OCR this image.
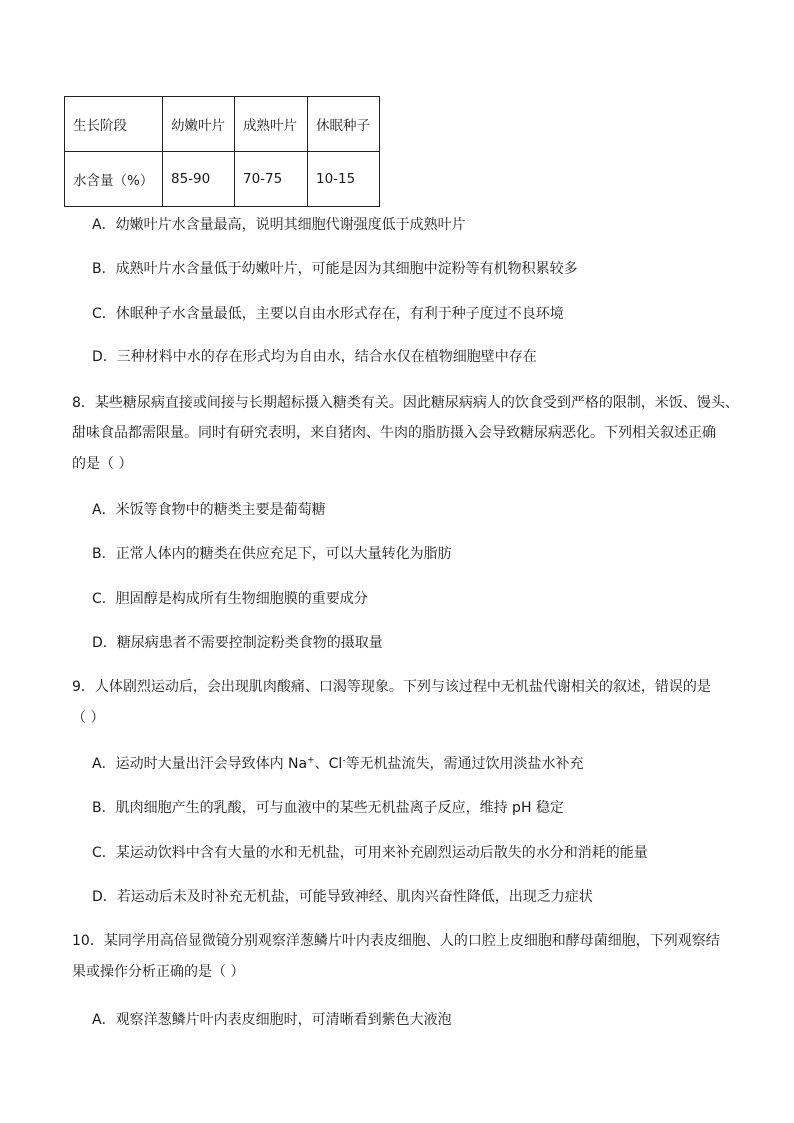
生长阶段	幼嫩叶片	成熟叶片	休眠种子
水含量（%）	85-90	70-75	10-15
A．幼嫩叶片水含量最高，说明其细胞代谢强度低于成熟叶片
B．成熟叶片水含量低于幼嫩叶片，可能是因为其细胞中淀粉等有机物积累较多
C．休眠种子水含量最低，主要以自由水形式存在，有利于种子度过不良环境
D．三种材料中水的存在形式均为自由水，结合水仅在植物细胞壁中存在
8．某些糖尿病直接或间接与长期超标摄入糖类有关。因此糖尿病病人的饮食受到严格的限制，米饭、馒头、
甜味食品都需限量。同时有研究表明，来自猪肉、牛肉的脂肪摄入会导致糖尿病恶化。下列相关叙述正确
的是（ ）
A．米饭等食物中的糖类主要是葡萄糖
B．正常人体内的糖类在供应充足下，可以大量转化为脂肪
C．胆固醇是构成所有生物细胞膜的重要成分
D．糖尿病患者不需要控制淀粉类食物的摄取量
9．人体剧烈运动后，会出现肌肉酸痛、口渴等现象。下列与该过程中无机盐代谢相关的叙述，错误的是
（ ）
A．运动时大量出汗会导致体内 Na+、Cl-等无机盐流失，需通过饮用淡盐水补充
B．肌肉细胞产生的乳酸，可与血液中的某些无机盐离子反应，维持 pH 稳定
C．某运动饮料中含有大量的水和无机盐，可用来补充剧烈运动后散失的水分和消耗的能量
D．若运动后未及时补充无机盐，可能导致神经、肌肉兴奋性降低，出现乏力症状
10．某同学用高倍显微镜分别观察洋葱鳞片叶内表皮细胞、人的口腔上皮细胞和酵母菌细胞，下列观察结
果或操作分析正确的是（ ）
A．观察洋葱鳞片叶内表皮细胞时，可清晰看到紫色大液泡
